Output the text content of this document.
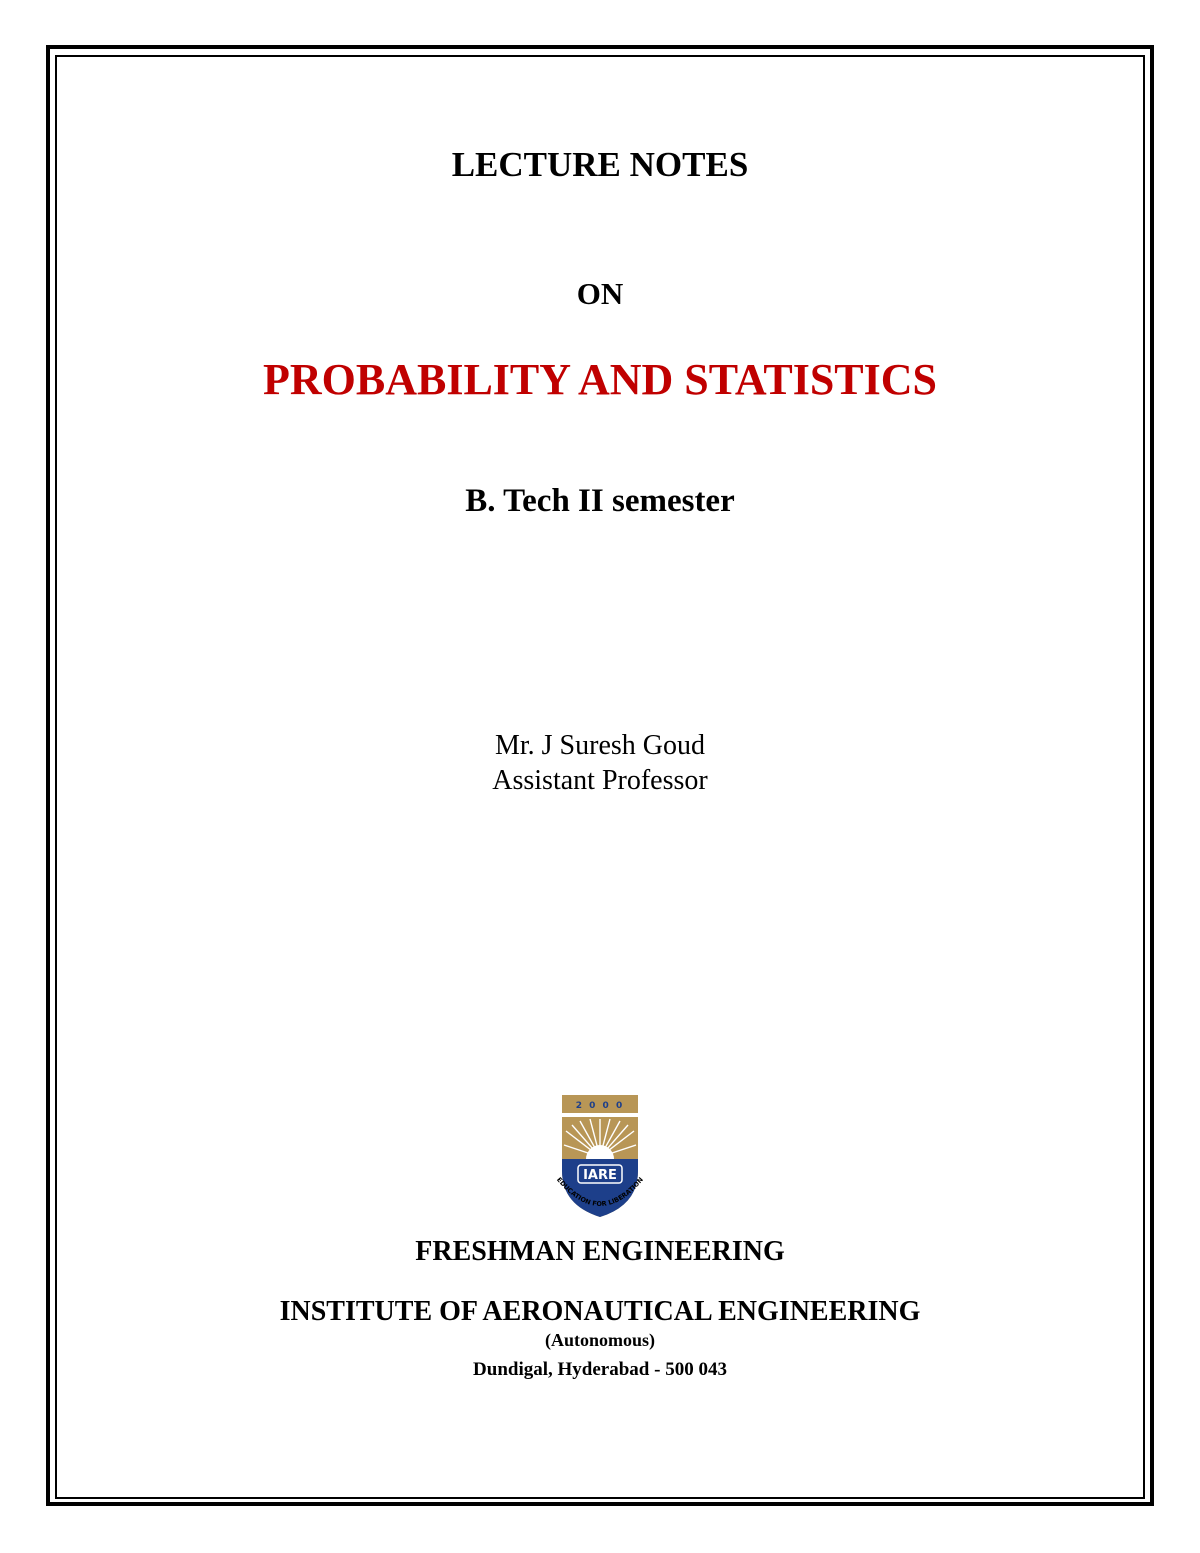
LECTURE NOTES
ON
PROBABILITY AND STATISTICS
B. Tech II semester
Mr. J Suresh Goud
Assistant Professor
2 0 0 0
IARE
EDUCATION FOR LIBERATION
FRESHMAN ENGINEERING
INSTITUTE OF AERONAUTICAL ENGINEERING
(Autonomous)
Dundigal, Hyderabad - 500 043
